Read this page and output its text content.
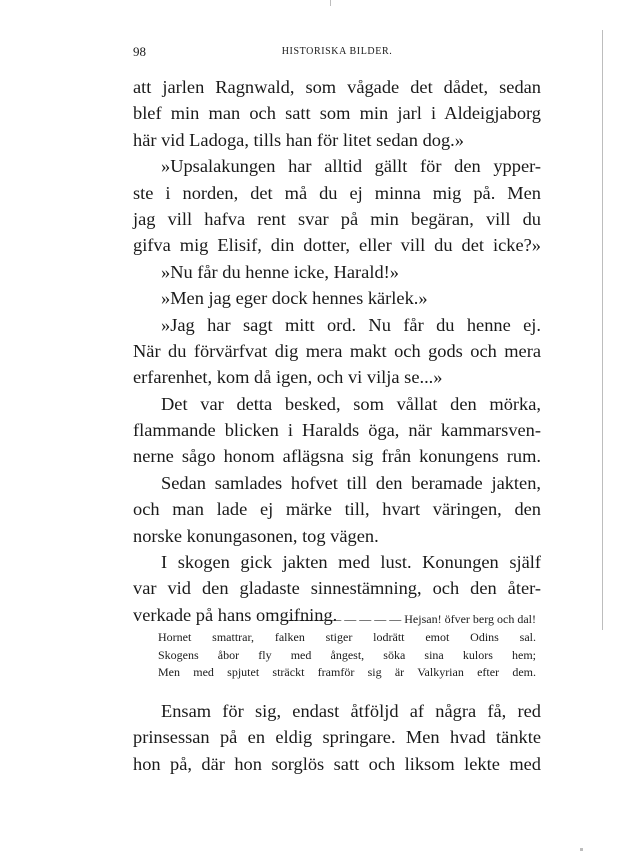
98	HISTORISKA BILDER.
att jarlen Ragnwald, som vågade det dådet, sedan
blef min man och satt som min jarl i Aldeigjaborg
här vid Ladoga, tills han för litet sedan dog.»
»Upsalakungen har alltid gällt för den ypper-
ste i norden, det må du ej minna mig på. Men
jag vill hafva rent svar på min begäran, vill du
gifva mig Elisif, din dotter, eller vill du det icke?»
»Nu får du henne icke, Harald!»
»Men jag eger dock hennes kärlek.»
»Jag har sagt mitt ord. Nu får du henne ej.
När du förvärfvat dig mera makt och gods och mera
erfarenhet, kom då igen, och vi vilja se...»
Det var detta besked, som vållat den mörka,
flammande blicken i Haralds öga, när kammarsven-
nerne sågo honom aflägsna sig från konungens rum.
Sedan samlades hofvet till den beramade jakten,
och man lade ej märke till, hvart väringen, den
norske konungasonen, tog vägen.
I skogen gick jakten med lust. Konungen själf
var vid den gladaste sinnestämning, och den åter-
verkade på hans omgifning.
— — — — — — — — Hejsan! öfver berg och dal!
Hornet smattrar, falken stiger lodrätt emot Odins sal.
Skogens åbor fly med ångest, söka sina kulors hem;
Men med spjutet sträckt framför sig är Valkyrian efter dem.
Ensam för sig, endast åtföljd af några få, red
prinsessan på en eldig springare. Men hvad tänkte
hon på, där hon sorglös satt och liksom lekte med
